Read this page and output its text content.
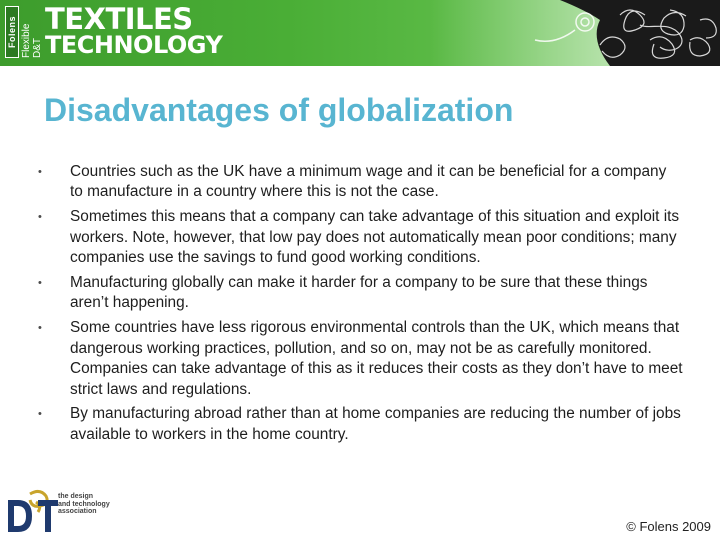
Folens Flexible D&T
TEXTILES
TECHNOLOGY
Disadvantages of globalization
•	Countries such as the UK have a minimum wage and it can be beneficial for a company to manufacture in a country where this is not the case.
•	Sometimes this means that a company can take advantage of this situation and exploit its workers. Note, however, that low pay does not automatically mean poor conditions; many companies use the savings to fund good working conditions.
•	Manufacturing globally can make it harder for a company to be sure that these things aren’t happening.
•	Some countries have less rigorous environmental controls than the UK, which means that dangerous working practices, pollution, and so on, may not be as carefully monitored. Companies can take advantage of this as it reduces their costs as they don’t have to meet strict laws and regulations.
•	By manufacturing abroad rather than at home companies are reducing the number of jobs available to workers in the home country.
the design
and technology
association
© Folens 2009
